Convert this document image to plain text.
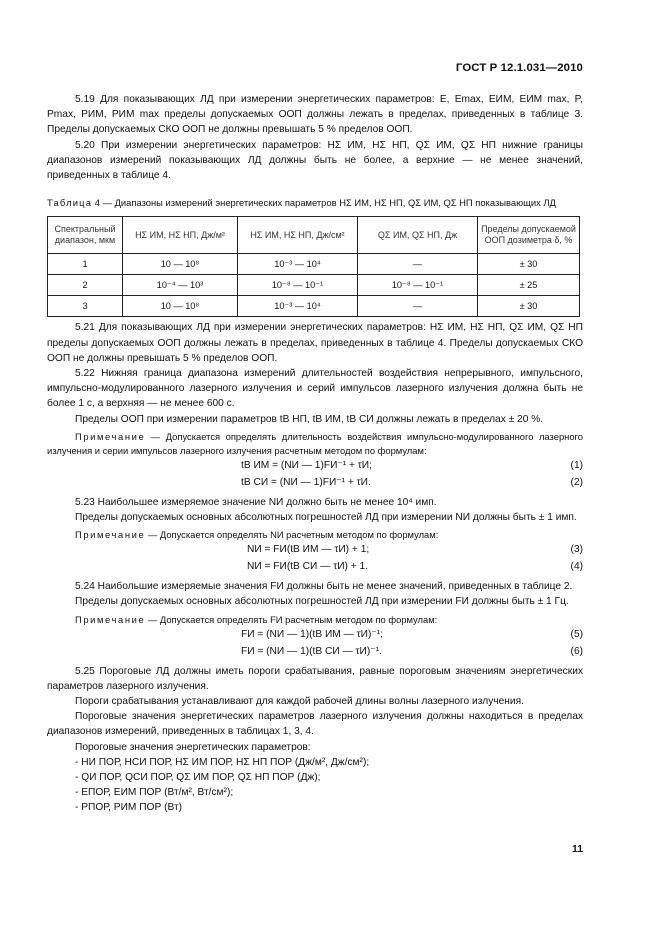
ГОСТ Р 12.1.031—2010

5.19 Для показывающих ЛД при измерении энергетических параметров: E, Emax, EИМ, EИМ max, P, Pmax, PИМ, PИМ max пределы допускаемых ООП должны лежать в пределах, приведенных в таблице 3. Пределы допускаемых СКО ООП не должны превышать 5 % пределов ООП.

5.20 При измерении энергетических параметров: HΣ ИМ, HΣ НП, QΣ ИМ, QΣ НП нижние границы диапазонов измерений показывающих ЛД должны быть не более, а верхние — не менее значений, приведенных в таблице 4.

Таблица 4 — Диапазоны измерений энергетических параметров HΣ ИМ, HΣ НП, QΣ ИМ, QΣ НП показывающих ЛД

Спектральный диапазон, мкм	HΣ ИМ, HΣ НП, Дж/м²	HΣ ИМ, HΣ НП, Дж/см²	QΣ ИМ, QΣ НП, Дж	Пределы допускаемой ООП дозиметра δ, %
1	10 — 10⁸	10⁻³ — 10⁴	—	± 30
2	10⁻⁴ — 10³	10⁻⁸ — 10⁻¹	10⁻⁸ — 10⁻¹	± 25
3	10 — 10⁸	10⁻³ — 10⁴	—	± 30

5.21 Для показывающих ЛД при измерении энергетических параметров: HΣ ИМ, HΣ НП, QΣ ИМ, QΣ НП пределы допускаемых ООП должны лежать в пределах, приведенных в таблице 4. Пределы допускаемых СКО ООП не должны превышать 5 % пределов ООП.

5.22 Нижняя граница диапазона измерений длительностей воздействия непрерывного, импульсного, импульсно-модулированного лазерного излучения и серий импульсов лазерного излучения должна быть не более 1 с, а верхняя — не менее 600 с.

Пределы ООП при измерении параметров tВ НП, tВ ИМ, tВ СИ должны лежать в пределах ± 20 %.

Примечание — Допускается определять длительность воздействия импульсно-модулированного лазерного излучения и серии импульсов лазерного излучения расчетным методом по формулам:

tВ ИМ = (NИ — 1)FИ⁻¹ + τИ;	(1)
tВ СИ = (NИ — 1)FИ⁻¹ + τИ.	(2)

5.23 Наибольшее измеряемое значение NИ должно быть не менее 10⁴ имп.

Пределы допускаемых основных абсолютных погрешностей ЛД при измерении NИ должны быть ± 1 имп.

Примечание — Допускается определять NИ расчетным методом по формулам:

NИ = FИ(tВ ИМ — τИ) + 1;	(3)
NИ = FИ(tВ СИ — τИ) + 1.	(4)

5.24 Наибольшие измеряемые значения FИ должны быть не менее значений, приведенных в таблице 2.

Пределы допускаемых основных абсолютных погрешностей ЛД при измерении FИ должны быть ± 1 Гц.

Примечание — Допускается определять FИ расчетным методом по формулам:

FИ = (NИ — 1)(tВ ИМ — τИ)⁻¹;	(5)
FИ = (NИ — 1)(tВ СИ — τИ)⁻¹.	(6)

5.25 Пороговые ЛД должны иметь пороги срабатывания, равные пороговым значениям энергетических параметров лазерного излучения.

Пороги срабатывания устанавливают для каждой рабочей длины волны лазерного излучения.

Пороговые значения энергетических параметров лазерного излучения должны находиться в пределах диапазонов измерений, приведенных в таблицах 1, 3, 4.

Пороговые значения энергетических параметров:

- HИ ПОР, HСИ ПОР, HΣ ИМ ПОР, HΣ НП ПОР (Дж/м², Дж/см²);

- QИ ПОР, QСИ ПОР, QΣ ИМ ПОР, QΣ НП ПОР (Дж);

- EПОР, EИМ ПОР (Вт/м², Вт/см²);

- PПОР, PИМ ПОР (Вт)

11
